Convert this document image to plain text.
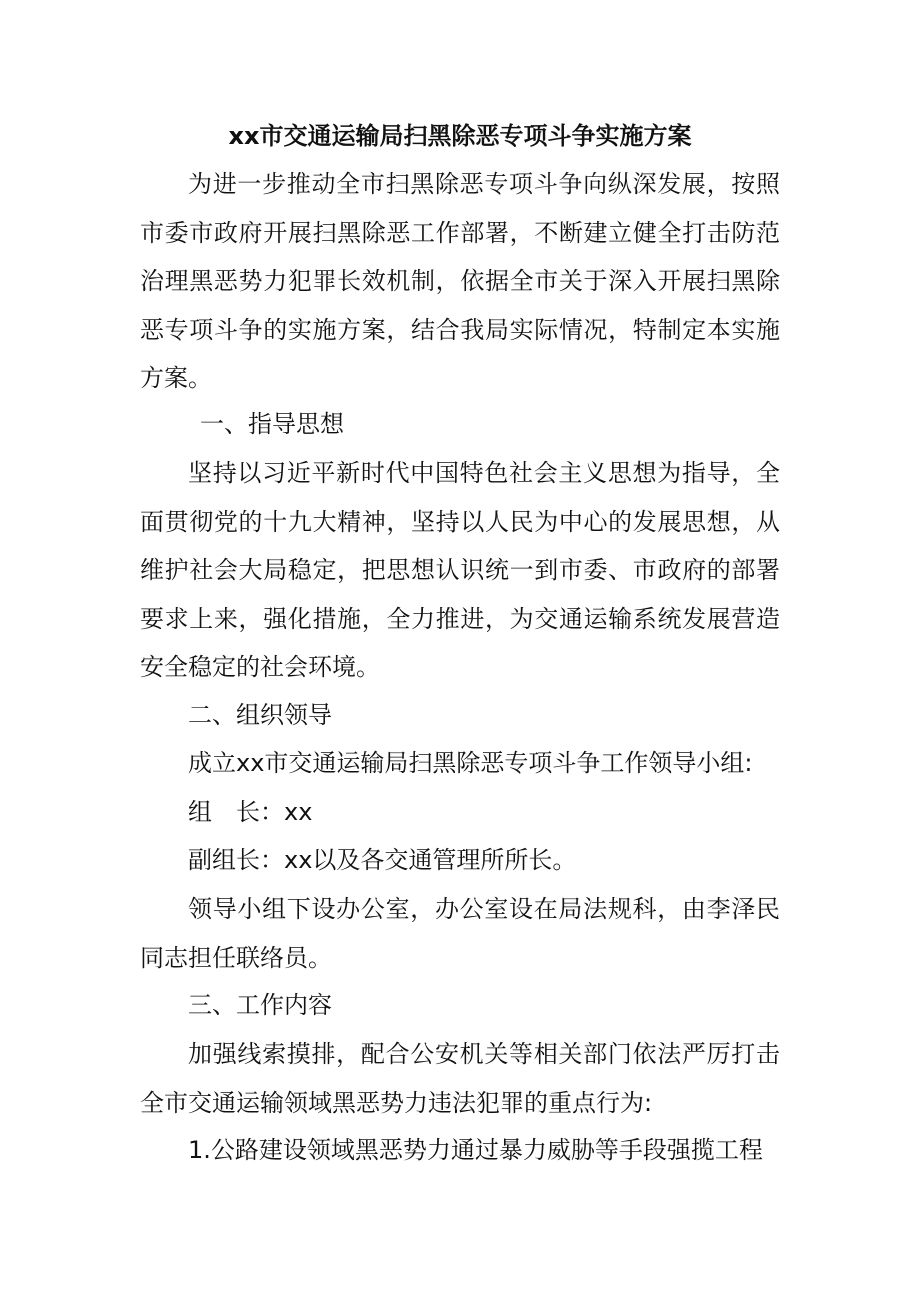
xx市交通运输局扫黑除恶专项斗争实施方案

为进一步推动全市扫黑除恶专项斗争向纵深发展，按照市委市政府开展扫黑除恶工作部署，不断建立健全打击防范治理黑恶势力犯罪长效机制，依据全市关于深入开展扫黑除恶专项斗争的实施方案，结合我局实际情况，特制定本实施方案。

一、指导思想

坚持以习近平新时代中国特色社会主义思想为指导，全面贯彻党的十九大精神，坚持以人民为中心的发展思想，从维护社会大局稳定，把思想认识统一到市委、市政府的部署要求上来，强化措施，全力推进，为交通运输系统发展营造安全稳定的社会环境。

二、组织领导

成立xx市交通运输局扫黑除恶专项斗争工作领导小组:

组　长：xx

副组长：xx以及各交通管理所所长。

领导小组下设办公室，办公室设在局法规科，由李泽民同志担任联络员。

三、工作内容

加强线索摸排，配合公安机关等相关部门依法严厉打击全市交通运输领域黑恶势力违法犯罪的重点行为:

1.公路建设领域黑恶势力通过暴力威胁等手段强揽工程
